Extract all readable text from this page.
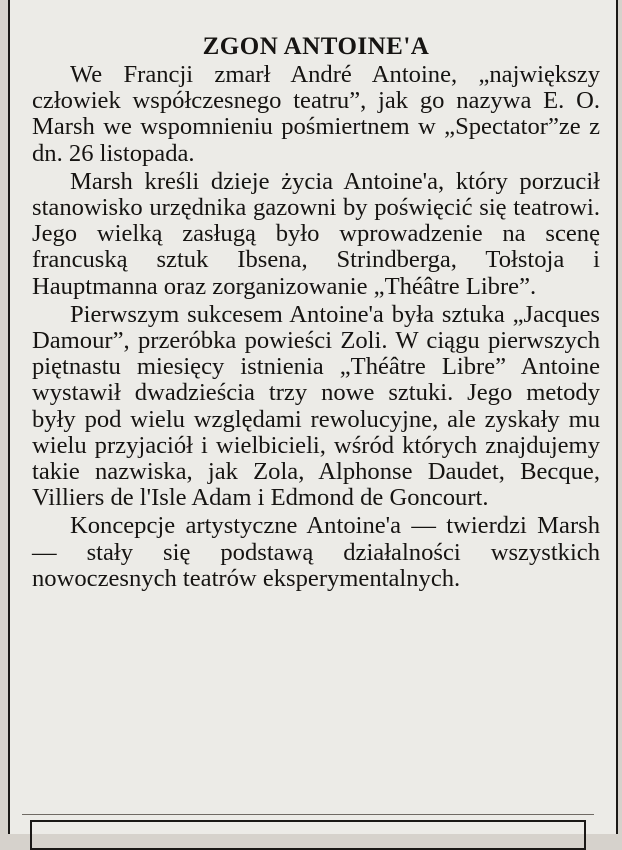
ZGON ANTOINE'A

We Francji zmarł André Antoine, „największy człowiek współczesnego teatru”, jak go nazywa E. O. Marsh we wspomnieniu pośmiertnem w „Spectator”ze z dn. 26 listopada.

Marsh kreśli dzieje życia Antoine'a, który porzucił stanowisko urzędnika gazowni by poświęcić się teatrowi. Jego wielką zasługą było wprowadzenie na scenę francuską sztuk Ibsena, Strindberga, Tołstoja i Hauptmanna oraz zorganizowanie „Théâtre Libre”.

Pierwszym sukcesem Antoine'a była sztuka „Jacques Damour”, przeróbka powieści Zoli. W ciągu pierwszych piętnastu miesięcy istnienia „Théâtre Libre” Antoine wystawił dwadzieścia trzy nowe sztuki. Jego metody były pod wielu względami rewolucyjne, ale zyskały mu wielu przyjaciół i wielbicieli, wśród których znajdujemy takie nazwiska, jak Zola, Alphonse Daudet, Becque, Villiers de l'Isle Adam i Edmond de Goncourt.

Koncepcje artystyczne Antoine'a — twierdzi Marsh — stały się podstawą działalności wszystkich nowoczesnych teatrów eksperymentalnych.
